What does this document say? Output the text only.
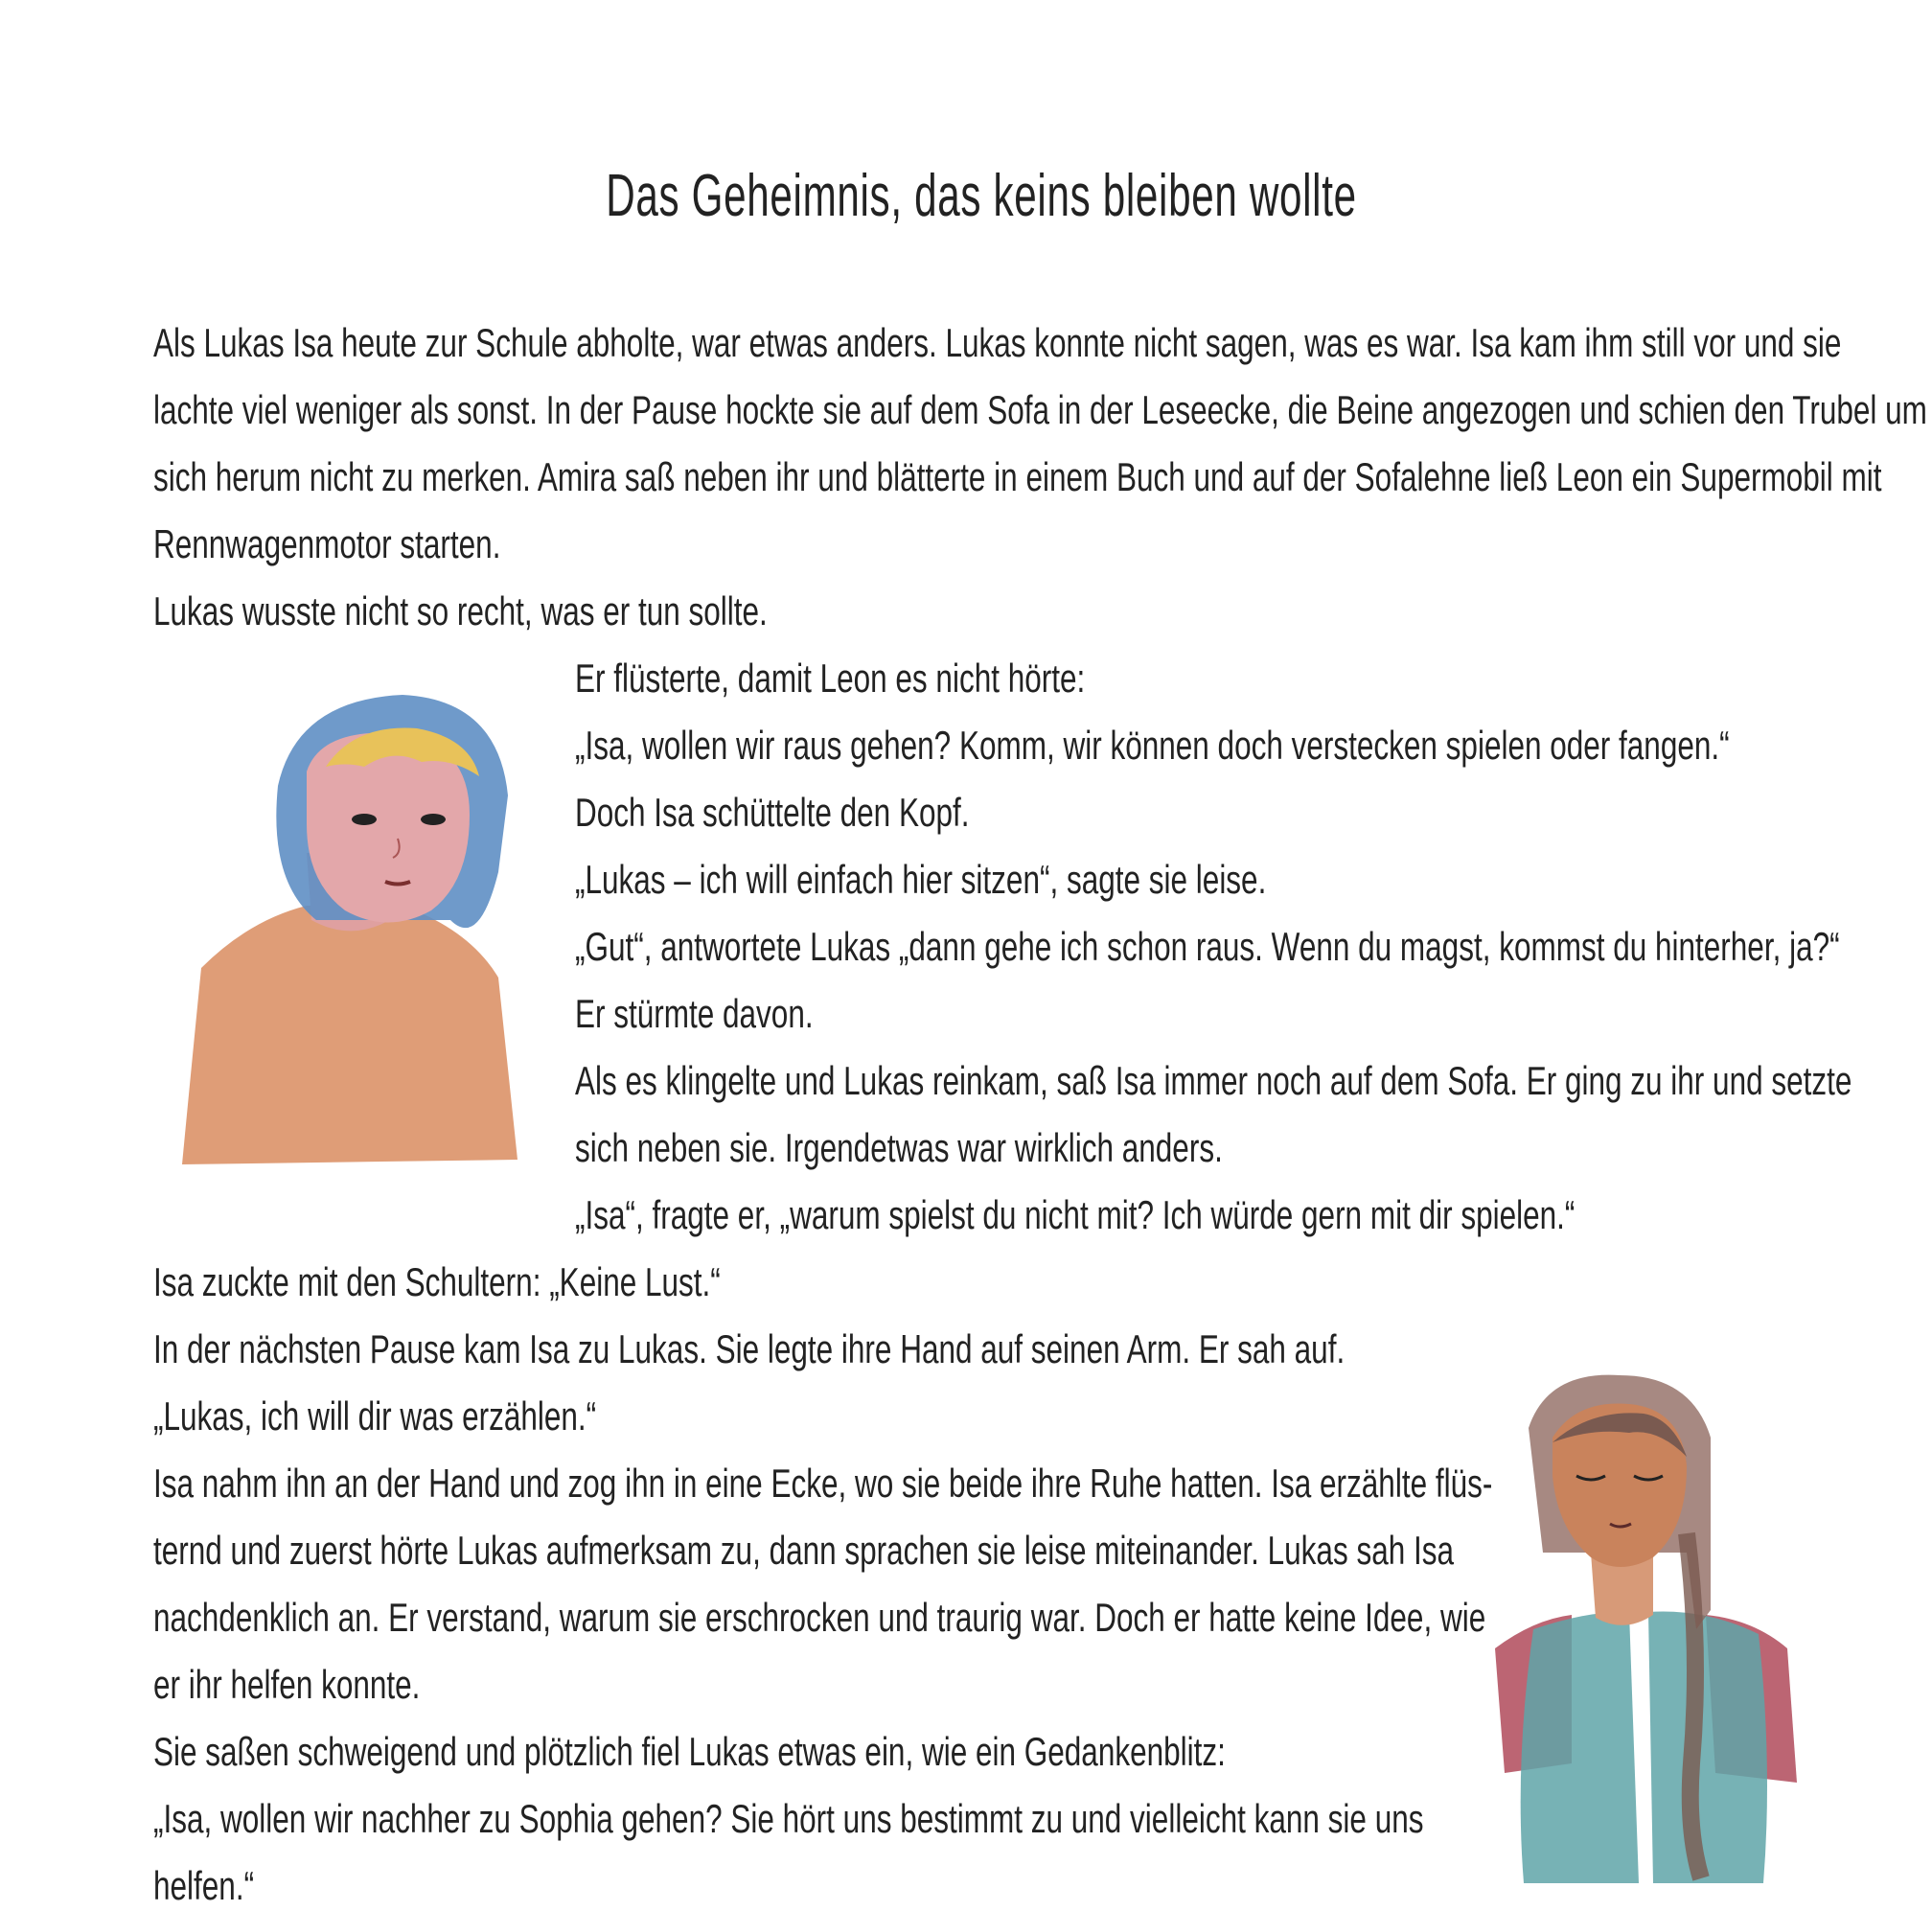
Das Geheimnis, das keins bleiben wollte

Als Lukas Isa heute zur Schule abholte, war etwas anders. Lukas konnte nicht sagen, was es war. Isa kam ihm still vor und sie

lachte viel weniger als sonst. In der Pause hockte sie auf dem Sofa in der Leseecke, die Beine angezogen und schien den Trubel um

sich herum nicht zu merken. Amira saß neben ihr und blätterte in einem Buch und auf der Sofalehne ließ Leon ein Supermobil mit

Rennwagenmotor starten.

Lukas wusste nicht so recht, was er tun sollte.

Er flüsterte, damit Leon es nicht hörte:

„Isa, wollen wir raus gehen? Komm, wir können doch verstecken spielen oder fangen.“

Doch Isa schüttelte den Kopf.

„Lukas – ich will einfach hier sitzen“, sagte sie leise.

„Gut“, antwortete Lukas „dann gehe ich schon raus. Wenn du magst, kommst du hinterher, ja?“

Er stürmte davon.

Als es klingelte und Lukas reinkam, saß Isa immer noch auf dem Sofa. Er ging zu ihr und setzte

sich neben sie. Irgendetwas war wirklich anders.

„Isa“, fragte er, „warum spielst du nicht mit? Ich würde gern mit dir spielen.“

Isa zuckte mit den Schultern: „Keine Lust.“

In der nächsten Pause kam Isa zu Lukas. Sie legte ihre Hand auf seinen Arm. Er sah auf.

„Lukas, ich will dir was erzählen.“

Isa nahm ihn an der Hand und zog ihn in eine Ecke, wo sie beide ihre Ruhe hatten. Isa erzählte flüs-

ternd und zuerst hörte Lukas aufmerksam zu, dann sprachen sie leise miteinander. Lukas sah Isa

nachdenklich an. Er verstand, warum sie erschrocken und traurig war. Doch er hatte keine Idee, wie

er ihr helfen konnte.

Sie saßen schweigend und plötzlich fiel Lukas etwas ein, wie ein Gedankenblitz:

„Isa, wollen wir nachher zu Sophia gehen? Sie hört uns bestimmt zu und vielleicht kann sie uns

helfen.“
